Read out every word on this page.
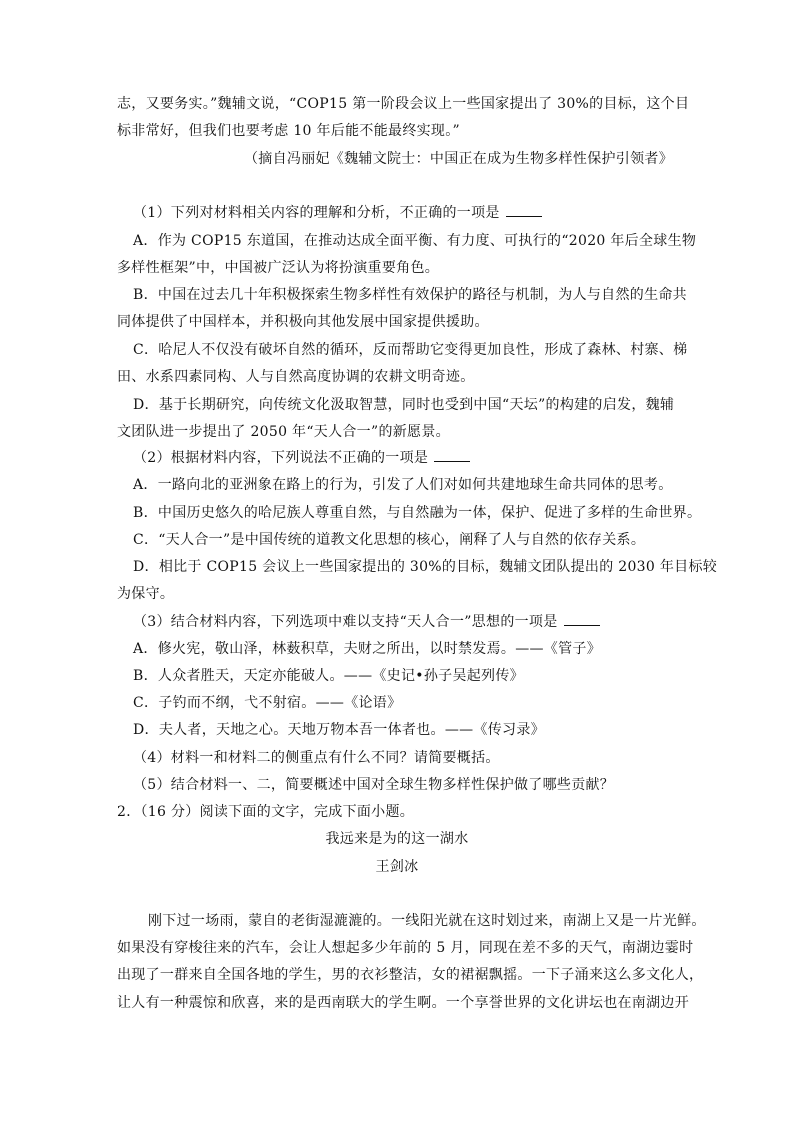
志，又要务实。”魏辅文说，“COP15 第一阶段会议上一些国家提出了 30%的目标，这个目
标非常好，但我们也要考虑 10 年后能不能最终实现。”
（摘自冯丽妃《魏辅文院士：中国正在成为生物多样性保护引领者》
（1）下列对材料相关内容的理解和分析，不正确的一项是
A．作为 COP15 东道国，在推动达成全面平衡、有力度、可执行的“2020 年后全球生物
多样性框架”中，中国被广泛认为将扮演重要角色。
B．中国在过去几十年积极探索生物多样性有效保护的路径与机制，为人与自然的生命共
同体提供了中国样本，并积极向其他发展中国家提供援助。
C．哈尼人不仅没有破坏自然的循环，反而帮助它变得更加良性，形成了森林、村寨、梯
田、水系四素同构、人与自然高度协调的农耕文明奇迹。
D．基于长期研究，向传统文化汲取智慧，同时也受到中国“天坛”的构建的启发，魏辅
文团队进一步提出了 2050 年“天人合一”的新愿景。
（2）根据材料内容，下列说法不正确的一项是
A．一路向北的亚洲象在路上的行为，引发了人们对如何共建地球生命共同体的思考。
B．中国历史悠久的哈尼族人尊重自然，与自然融为一体，保护、促进了多样的生命世界。
C．“天人合一”是中国传统的道教文化思想的核心，阐释了人与自然的依存关系。
D．相比于 COP15 会议上一些国家提出的 30%的目标，魏辅文团队提出的 2030 年目标较
为保守。
（3）结合材料内容，下列选项中难以支持“天人合一”思想的一项是
A．修火宪，敬山泽，林薮积草，夫财之所出，以时禁发焉。——《管子》
B．人众者胜天，天定亦能破人。——《史记•孙子吴起列传》
C．子钓而不纲，弋不射宿。——《论语》
D．夫人者，天地之心。天地万物本吾一体者也。——《传习录》
（4）材料一和材料二的侧重点有什么不同？请简要概括。
（5）结合材料一、二，简要概述中国对全球生物多样性保护做了哪些贡献？
2．（16 分）阅读下面的文字，完成下面小题。
我远来是为的这一湖水
王剑冰
刚下过一场雨，蒙自的老街湿漉漉的。一线阳光就在这时划过来，南湖上又是一片光鲜。
如果没有穿梭往来的汽车，会让人想起多少年前的 5 月，同现在差不多的天气，南湖边霎时
出现了一群来自全国各地的学生，男的衣衫整洁，女的裙裾飘摇。一下子涌来这么多文化人，
让人有一种震惊和欣喜，来的是西南联大的学生啊。一个享誉世界的文化讲坛也在南湖边开
